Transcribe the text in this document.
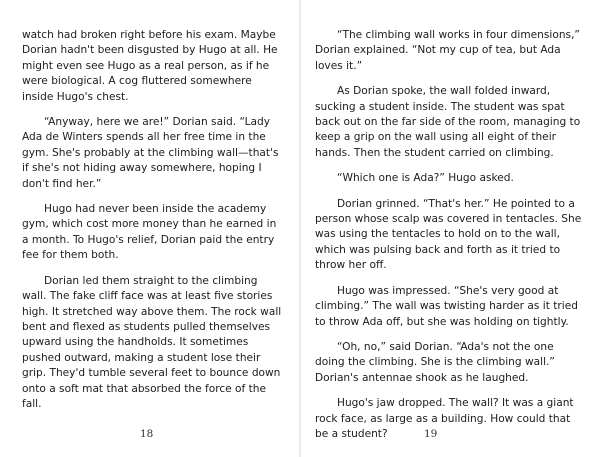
watch had broken right before his exam. Maybe Dorian hadn't been disgusted by Hugo at all. He might even see Hugo as a real person, as if he were biological. A cog fluttered somewhere inside Hugo's chest.

“Anyway, here we are!” Dorian said. “Lady Ada de Winters spends all her free time in the gym. She's probably at the climbing wall—that's if she's not hiding away somewhere, hoping I don't find her.”

Hugo had never been inside the academy gym, which cost more money than he earned in a month. To Hugo's relief, Dorian paid the entry fee for them both.

Dorian led them straight to the climbing wall. The fake cliff face was at least five stories high. It stretched way above them. The rock wall bent and flexed as students pulled themselves upward using the handholds. It sometimes pushed outward, making a student lose their grip. They'd tumble several feet to bounce down onto a soft mat that absorbed the force of the fall.

18

“The climbing wall works in four dimensions,” Dorian explained. “Not my cup of tea, but Ada loves it.”

As Dorian spoke, the wall folded inward, sucking a student inside. The student was spat back out on the far side of the room, managing to keep a grip on the wall using all eight of their hands. Then the student carried on climbing.

“Which one is Ada?” Hugo asked.

Dorian grinned. “That's her.” He pointed to a person whose scalp was covered in tentacles. She was using the tentacles to hold on to the wall, which was pulsing back and forth as it tried to throw her off.

Hugo was impressed. “She's very good at climbing.” The wall was twisting harder as it tried to throw Ada off, but she was holding on tightly.

“Oh, no,” said Dorian. “Ada's not the one doing the climbing. She is the climbing wall.” Dorian's antennae shook as he laughed.

Hugo's jaw dropped. The wall? It was a giant rock face, as large as a building. How could that be a student?	19
